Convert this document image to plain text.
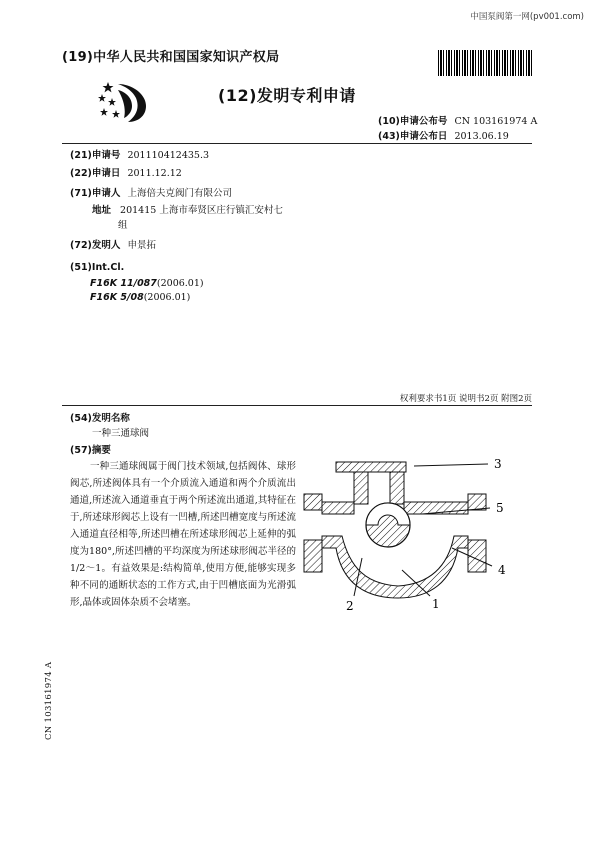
中国泵阀第一网(pv001.com)
(19)中华人民共和国国家知识产权局
(12)发明专利申请
(10)申请公布号 CN 103161974 A
(43)申请公布日 2013.06.19
(21)申请号 201110412435.3
(22)申请日 2011.12.12
(71)申请人 上海倍夫克阀门有限公司
地址 201415 上海市奉贤区庄行镇汇安村七
组
(72)发明人 申景拓
(51)Int.Cl.
F16K 11/087(2006.01)
F16K 5/08(2006.01)
权利要求书1页 说明书2页 附图2页
(54)发明名称
一种三通球阀
(57)摘要
一种三通球阀属于阀门技术领域,包括阀体、球形阀芯,所述阀体具有一个介质流入通道和两个介质流出通道,所述流入通道垂直于两个所述流出通道,其特征在于,所述球形阀芯上设有一凹槽,所述凹槽宽度与所述流入通道直径相等,所述凹槽在所述球形阀芯上延伸的弧度为180°,所述凹槽的平均深度为所述球形阀芯半径的1/2～1。有益效果是:结构简单,使用方便,能够实现多种不同的通断状态的工作方式,由于凹槽底面为光滑弧形,晶体或固体杂质不会堵塞。
3
5
4
2	1
CN 103161974 A
